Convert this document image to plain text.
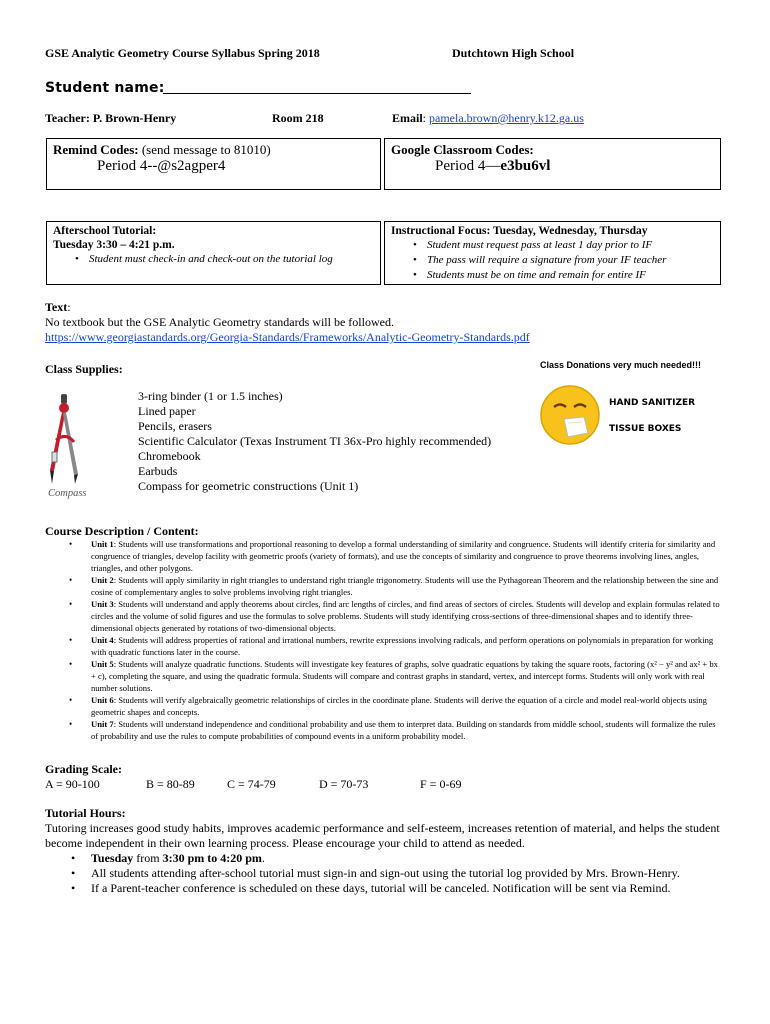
GSE Analytic Geometry Course Syllabus Spring 2018	Dutchtown High School
Student name:
Teacher: P. Brown-Henry	Room 218	Email: pamela.brown@henry.k12.ga.us
Remind Codes: (send message to 81010)
Period 4--@s2agper4
Google Classroom Codes:
Period 4—e3bu6vl
Afterschool Tutorial:
Tuesday 3:30 – 4:21 p.m.
• Student must check-in and check-out on the tutorial log
Instructional Focus: Tuesday, Wednesday, Thursday
• Student must request pass at least 1 day prior to IF
• The pass will require a signature from your IF teacher
• Students must be on time and remain for entire IF
Text:
No textbook but the GSE Analytic Geometry standards will be followed.
https://www.georgiastandards.org/Georgia-Standards/Frameworks/Analytic-Geometry-Standards.pdf
Class Supplies:
Compass
3-ring binder (1 or 1.5 inches)
Lined paper
Pencils, erasers
Scientific Calculator (Texas Instrument TI 36x-Pro highly recommended)
Chromebook
Earbuds
Compass for geometric constructions (Unit 1)
Class Donations very much needed!!!
HAND SANITIZER
TISSUE BOXES
Course Description / Content:

• Unit 1: Students will use transformations and proportional reasoning to develop a formal understanding of similarity and congruence. Students will identify criteria for similarity and congruence of triangles, develop facility with geometric proofs (variety of formats), and use the concepts of similarity and congruence to prove theorems involving lines, angles, triangles, and other polygons.

• Unit 2: Students will apply similarity in right triangles to understand right triangle trigonometry. Students will use the Pythagorean Theorem and the relationship between the sine and cosine of complementary angles to solve problems involving right triangles.

• Unit 3: Students will understand and apply theorems about circles, find arc lengths of circles, and find areas of sectors of circles. Students will develop and explain formulas related to circles and the volume of solid figures and use the formulas to solve problems. Students will study identifying cross-sections of three-dimensional shapes and to identify three-dimensional objects generated by rotations of two-dimensional objects.

• Unit 4: Students will address properties of rational and irrational numbers, rewrite expressions involving radicals, and perform operations on polynomials in preparation for working with quadratic functions later in the course.

• Unit 5: Students will analyze quadratic functions. Students will investigate key features of graphs, solve quadratic equations by taking the square roots, factoring (x² − y² and ax² + bx + c), completing the square, and using the quadratic formula. Students will compare and contrast graphs in standard, vertex, and intercept forms. Students will only work with real number solutions.

• Unit 6: Students will verify algebraically geometric relationships of circles in the coordinate plane. Students will derive the equation of a circle and model real-world objects using geometric shapes and concepts.

• Unit 7: Students will understand independence and conditional probability and use them to interpret data. Building on standards from middle school, students will formalize the rules of probability and use the rules to compute probabilities of compound events in a uniform probability model.

Grading Scale:
A = 90-100	B = 80-89	C = 74-79	D = 70-73	F = 0-69
Tutorial Hours:
Tutoring increases good study habits, improves academic performance and self-esteem, increases retention of material, and helps the student become independent in their own learning process. Please encourage your child to attend as needed.
• Tuesday from 3:30 pm to 4:20 pm.
• All students attending after-school tutorial must sign-in and sign-out using the tutorial log provided by Mrs. Brown-Henry.
• If a Parent-teacher conference is scheduled on these days, tutorial will be canceled. Notification will be sent via Remind.
